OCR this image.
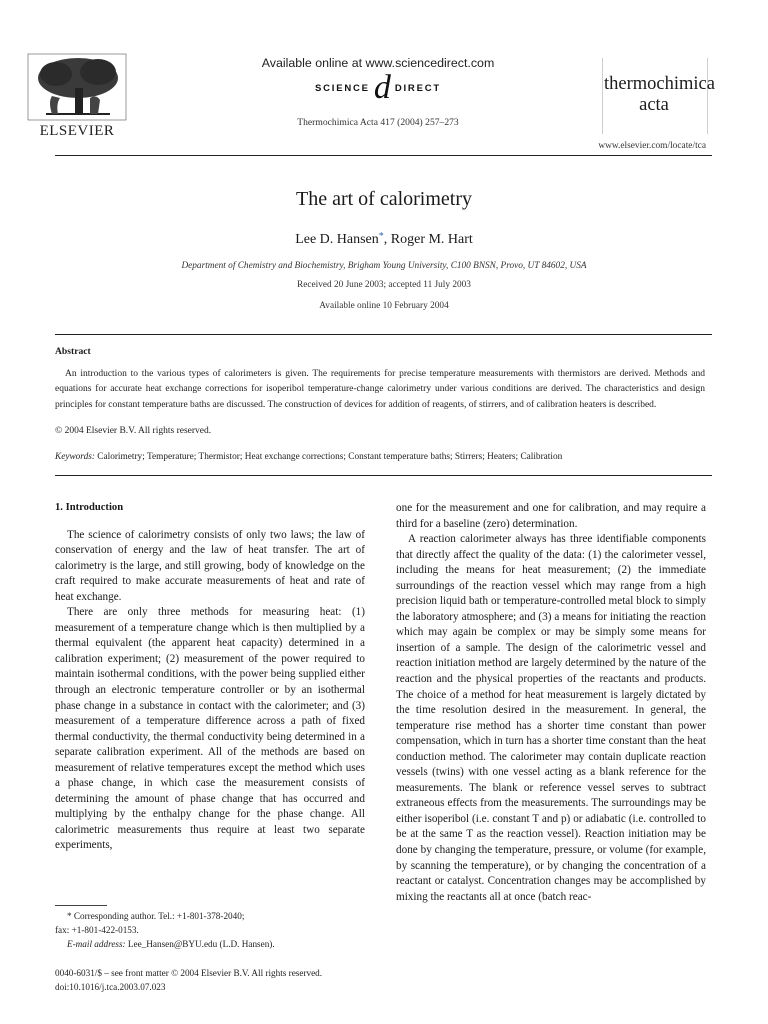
ELSEVIER
Available online at www.sciencedirect.com
SCIENCE d DIRECT
Thermochimica Acta 417 (2004) 257–273
thermochimica
acta
www.elsevier.com/locate/tca
The art of calorimetry
Lee D. Hansen*, Roger M. Hart
Department of Chemistry and Biochemistry, Brigham Young University, C100 BNSN, Provo, UT 84602, USA
Received 20 June 2003; accepted 11 July 2003
Available online 10 February 2004
Abstract
An introduction to the various types of calorimeters is given. The requirements for precise temperature measurements with thermistors are derived. Methods and equations for accurate heat exchange corrections for isoperibol temperature-change calorimetry under various conditions are derived. The characteristics and design principles for constant temperature baths are discussed. The construction of devices for addition of reagents, of stirrers, and of calibration heaters is described.
© 2004 Elsevier B.V. All rights reserved.
Keywords: Calorimetry; Temperature; Thermistor; Heat exchange corrections; Constant temperature baths; Stirrers; Heaters; Calibration
1. Introduction

The science of calorimetry consists of only two laws; the law of conservation of energy and the law of heat transfer. The art of calorimetry is the large, and still growing, body of knowledge on the craft required to make accurate measurements of heat and rate of heat exchange.

There are only three methods for measuring heat: (1) measurement of a temperature change which is then multiplied by a thermal equivalent (the apparent heat capacity) determined in a calibration experiment; (2) measurement of the power required to maintain isothermal conditions, with the power being supplied either through an electronic temperature controller or by an isothermal phase change in a substance in contact with the calorimeter; and (3) measurement of a temperature difference across a path of fixed thermal conductivity, the thermal conductivity being determined in a separate calibration experiment. All of the methods are based on measurement of relative temperatures except the method which uses a phase change, in which case the measurement consists of determining the amount of phase change that has occurred and multiplying by the enthalpy change for the phase change. All calorimetric measurements thus require at least two separate experiments,

one for the measurement and one for calibration, and may require a third for a baseline (zero) determination.

A reaction calorimeter always has three identifiable components that directly affect the quality of the data: (1) the calorimeter vessel, including the means for heat measurement; (2) the immediate surroundings of the reaction vessel which may range from a high precision liquid bath or temperature-controlled metal block to simply the laboratory atmosphere; and (3) a means for initiating the reaction which may again be complex or may be simply some means for insertion of a sample. The design of the calorimetric vessel and reaction initiation method are largely determined by the nature of the reaction and the physical properties of the reactants and products. The choice of a method for heat measurement is largely dictated by the time resolution desired in the measurement. In general, the temperature rise method has a shorter time constant than power compensation, which in turn has a shorter time constant than the heat conduction method. The calorimeter may contain duplicate reaction vessels (twins) with one vessel acting as a blank reference for the measurements. The blank or reference vessel serves to subtract extraneous effects from the measurements. The surroundings may be either isoperibol (i.e. constant T and p) or adiabatic (i.e. controlled to be at the same T as the reaction vessel). Reaction initiation may be done by changing the temperature, pressure, or volume (for example, by scanning the temperature), or by changing the concentration of a reactant or catalyst. Concentration changes may be accomplished by mixing the reactants all at once (batch reac-

* Corresponding author. Tel.: +1-801-378-2040;
fax: +1-801-422-0153.
E-mail address: Lee_Hansen@BYU.edu (L.D. Hansen).
0040-6031/$ – see front matter © 2004 Elsevier B.V. All rights reserved.
doi:10.1016/j.tca.2003.07.023
